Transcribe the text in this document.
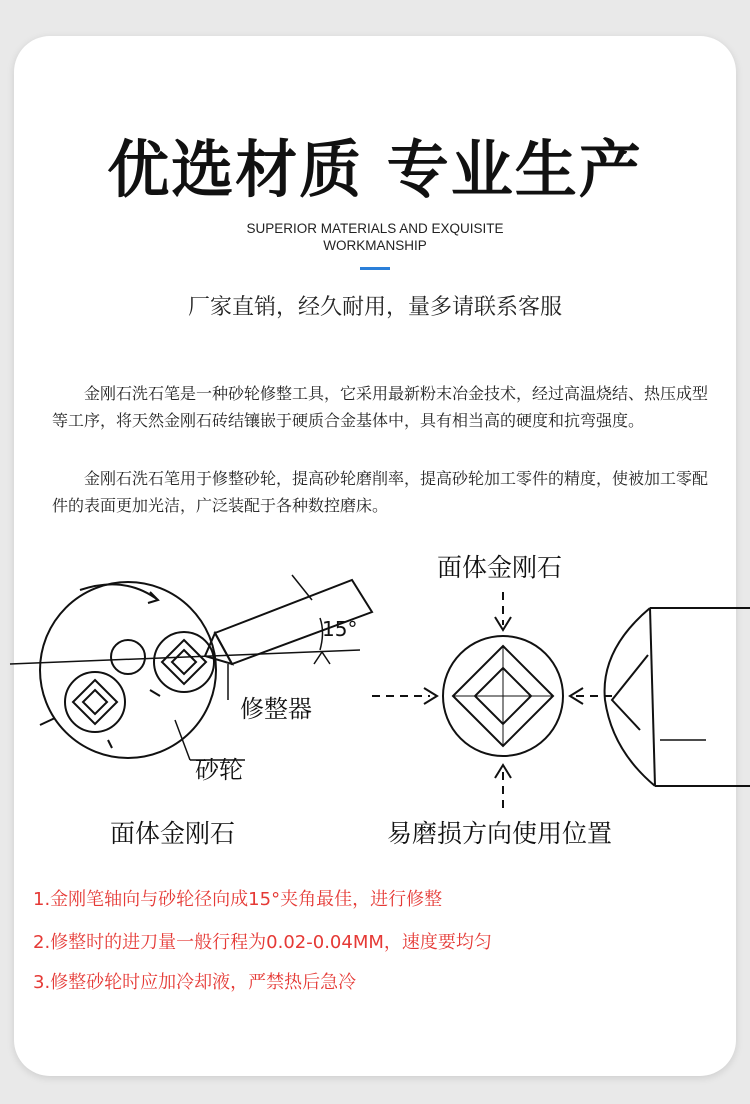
优选材质 专业生产
SUPERIOR MATERIALS AND EXQUISITE WORKMANSHIP
厂家直销，经久耐用，量多请联系客服
金刚石洗石笔是一种砂轮修整工具，它采用最新粉末冶金技术，经过高温烧结、热压成型等工序，将天然金刚石砖结镶嵌于硬质合金基体中，具有相当高的硬度和抗弯强度。
金刚石洗石笔用于修整砂轮，提高砂轮磨削率，提高砂轮加工零件的精度，使被加工零配件的表面更加光洁，广泛装配于各种数控磨床。
15°
修整器
砂轮
面体金刚石
面体金刚石
易磨损方向使用位置
1.金刚笔轴向与砂轮径向成15°夹角最佳，进行修整
2.修整时的进刀量一般行程为0.02-0.04MM，速度要均匀
3.修整砂轮时应加冷却液，严禁热后急冷
